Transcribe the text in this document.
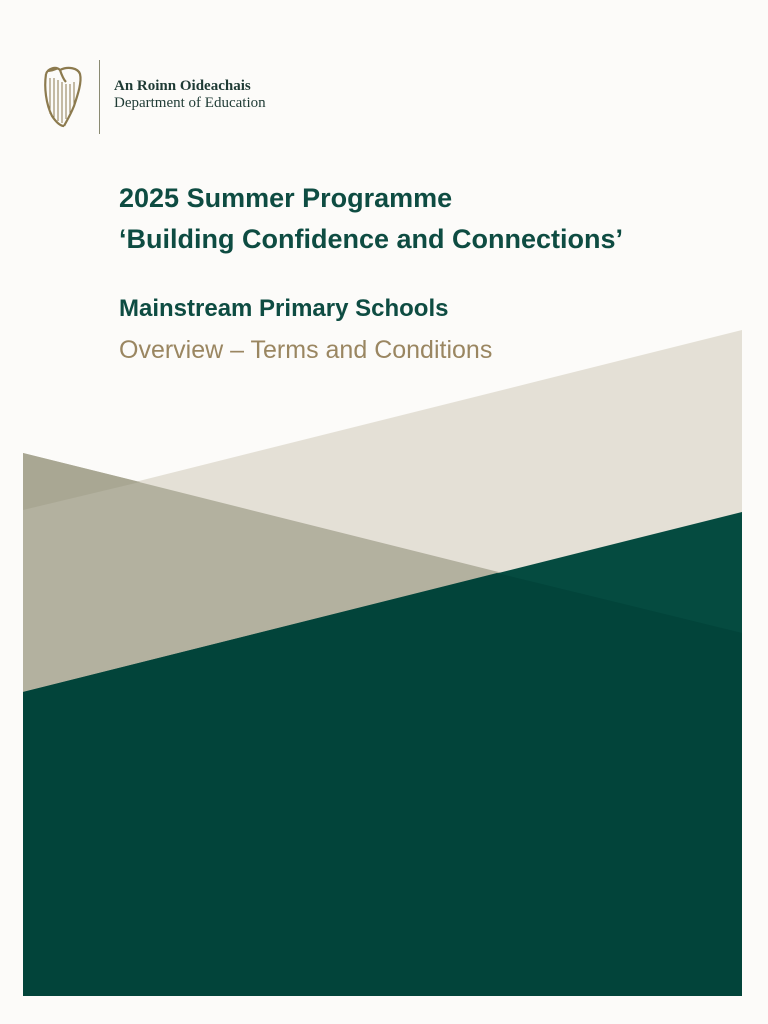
An Roinn Oideachais
Department of Education
2025 Summer Programme
‘Building Confidence and Connections’
Mainstream Primary Schools
Overview – Terms and Conditions
